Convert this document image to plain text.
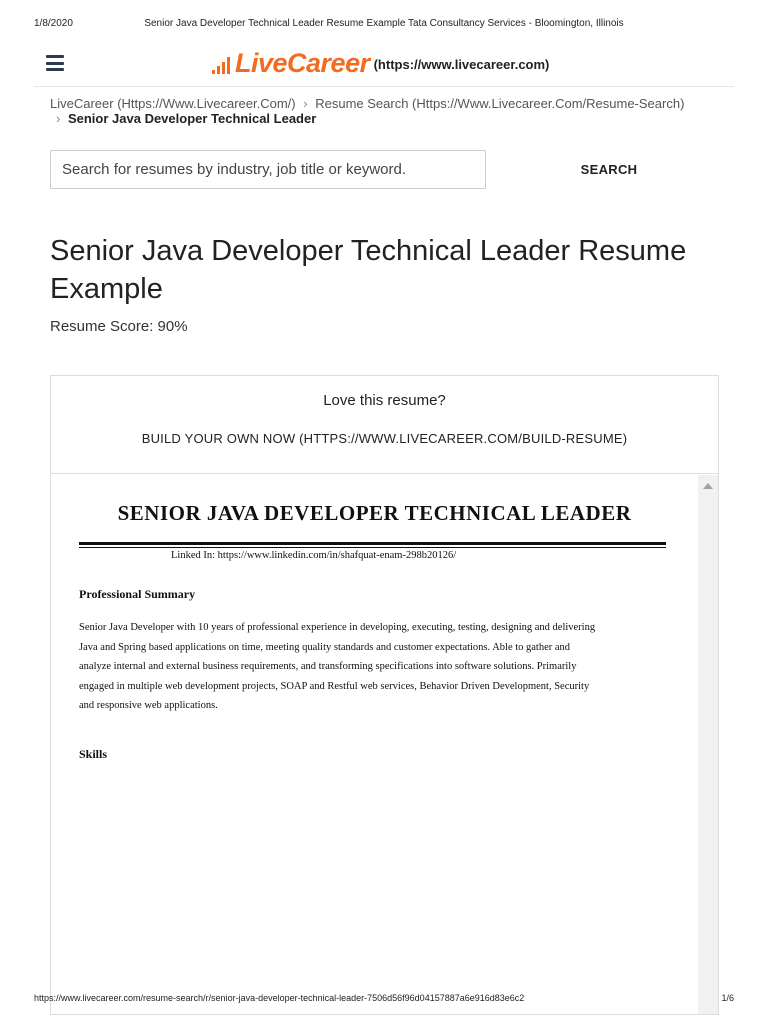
1/8/2020	Senior Java Developer Technical Leader Resume Example Tata Consultancy Services - Bloomington, Illinois
LiveCareer (https://www.livecareer.com)
LiveCareer (Https://Www.Livecareer.Com/) › Resume Search (Https://Www.Livecareer.Com/Resume-Search)
› Senior Java Developer Technical Leader
Search for resumes by industry, job title or keyword.	SEARCH
Senior Java Developer Technical Leader Resume Example
Resume Score: 90%
Love this resume?
BUILD YOUR OWN NOW (HTTPS://WWW.LIVECAREER.COM/BUILD-RESUME)
SENIOR JAVA DEVELOPER TECHNICAL LEADER
Linked In: https://www.linkedin.com/in/shafquat-enam-298b20126/
Professional Summary
Senior Java Developer with 10 years of professional experience in developing, executing, testing, designing and delivering Java and Spring based applications on time, meeting quality standards and customer expectations. Able to gather and analyze internal and external business requirements, and transforming specifications into software solutions. Primarily engaged in multiple web development projects, SOAP and Restful web services, Behavior Driven Development, Security and responsive web applications.
Skills
https://www.livecareer.com/resume-search/r/senior-java-developer-technical-leader-7506d56f96d04157887a6e916d83e6c2	1/6
